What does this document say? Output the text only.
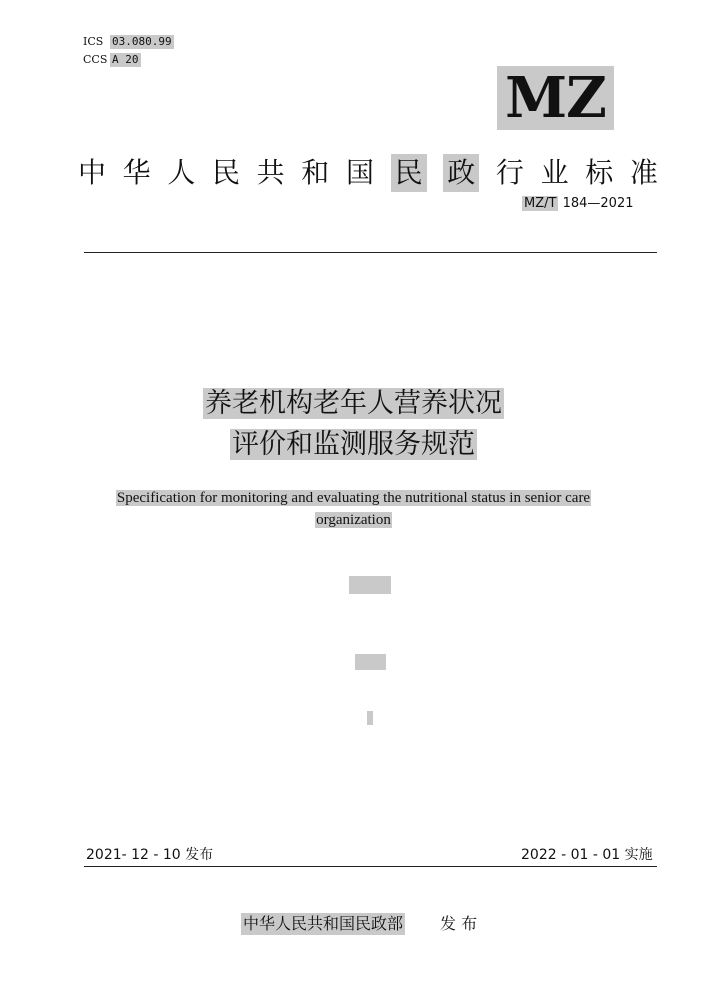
ICS 03.080.99
CCS A 20
MZ
中 华 人 民 共 和 国 民 政 行 业 标 准
MZ/T 184—2021
养老机构老年人营养状况
评价和监测服务规范
Specification for monitoring and evaluating the nutritional status in senior care
organization
2021- 12 - 10 发布	2022 - 01 - 01 实施
中华人民共和国民政部 发 布
